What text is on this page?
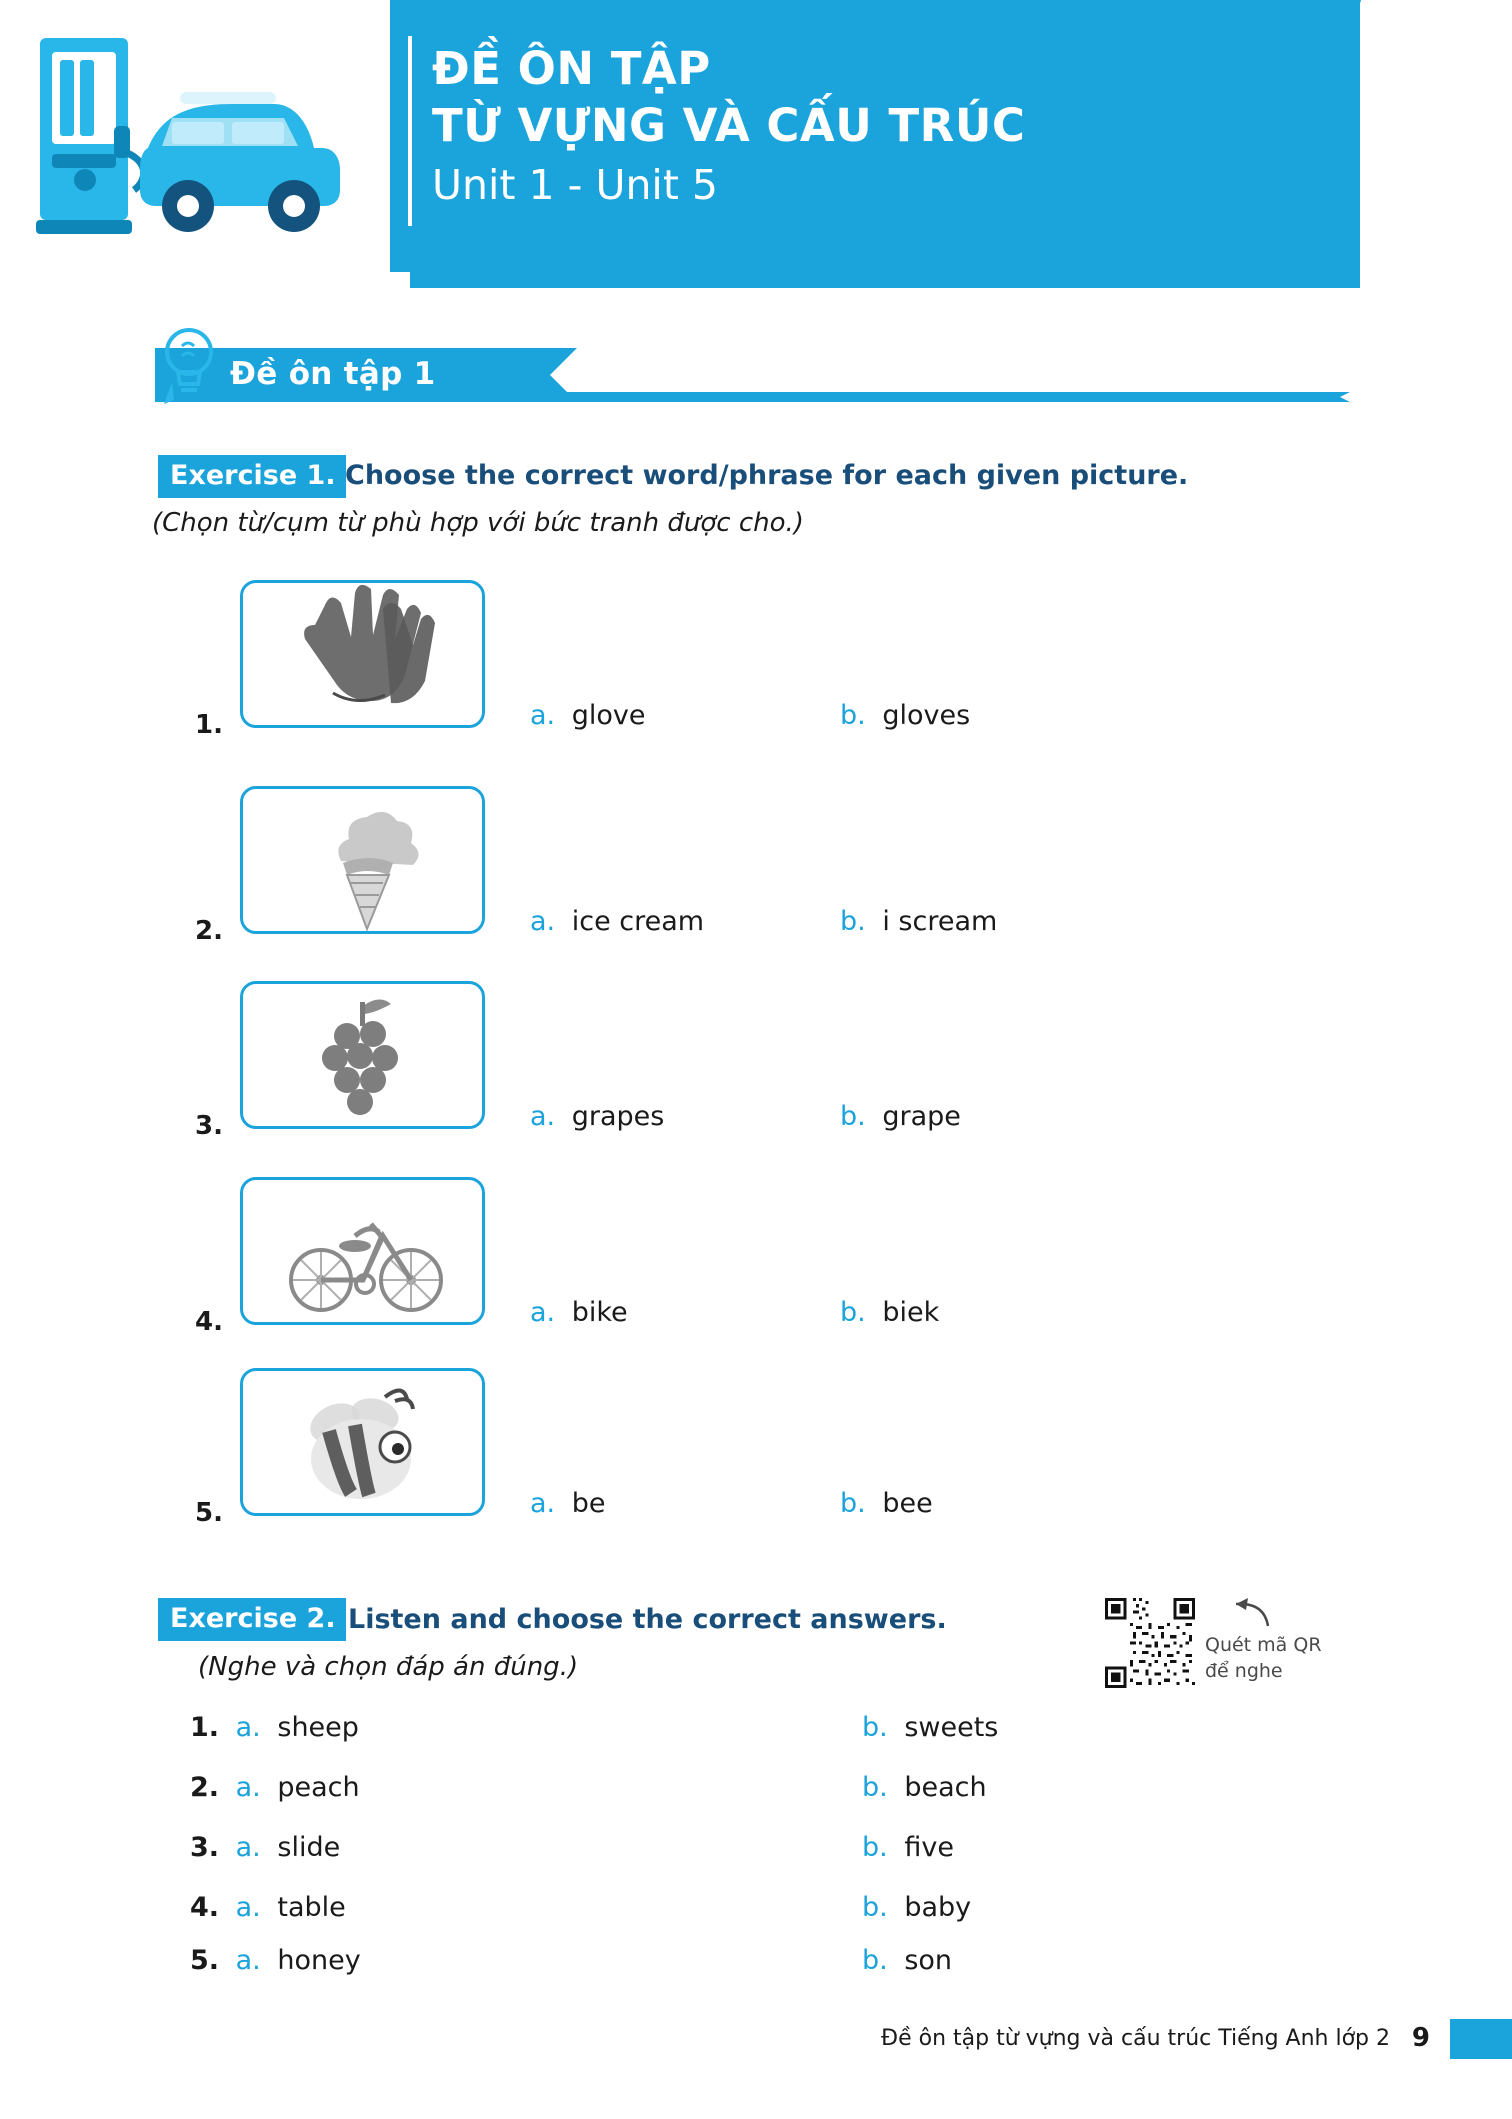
ĐỀ ÔN TẬP
TỪ VỰNG VÀ CẤU TRÚC
Unit 1 - Unit 5
Đề ôn tập 1
Exercise 1. Choose the correct word/phrase for each given picture.
(Chọn từ/cụm từ phù hợp với bức tranh được cho.)
1.	a. glove	b. gloves
2.	a. ice cream	b. i scream
3.	a. grapes	b. grape
4.	a. bike	b. biek
5.	a. be	b. bee
Exercise 2. Listen and choose the correct answers.
(Nghe và chọn đáp án đúng.)
Quét mã QR
để nghe
1. a. sheep	b. sweets
2. a. peach	b. beach
3. a. slide	b. five
4. a. table	b. baby
5. a. honey	b. son
Đề ôn tập từ vựng và cấu trúc Tiếng Anh lớp 2 9
